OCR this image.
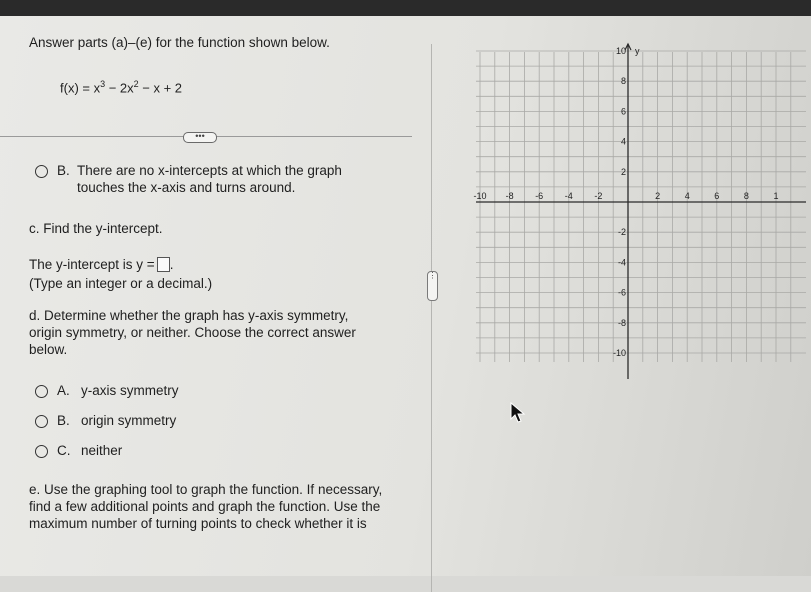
Answer parts (a)–(e) for the function shown below.
$f(x) = x^3 - 2x^2 - x + 2$
•••
B. There are no x-intercepts at which the graph
touches the x-axis and turns around.
c. Find the y-intercept.
The y-intercept is y = .
(Type an integer or a decimal.)
d. Determine whether the graph has y-axis symmetry,
origin symmetry, or neither. Choose the correct answer
below.
A. y-axis symmetry
B. origin symmetry
C. neither
e. Use the graphing tool to graph the function. If necessary,
find a few additional points and graph the function. Use the
maximum number of turning points to check whether it is
⋮
y
-10 -8 -6 -4 -2	2	4	6	8	1
10
8
6
4
2
-2
-4
-6
-8
-10
